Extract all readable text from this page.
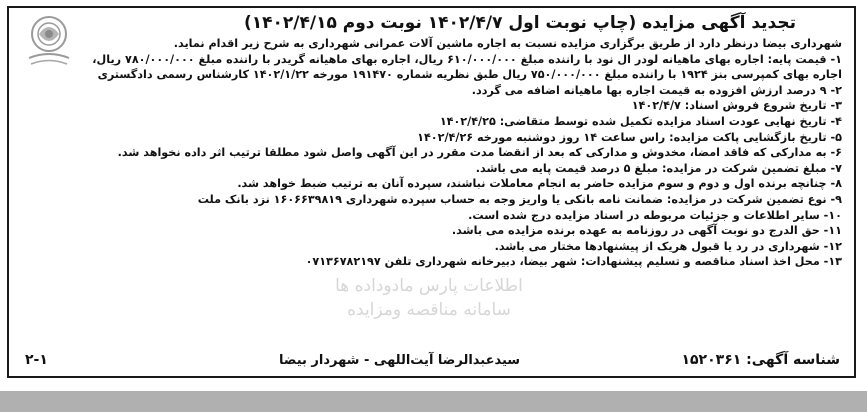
تجدید آگهی مزایده (چاپ نوبت اول ۱۴۰۲/۴/۷ نوبت دوم ۱۴۰۲/۴/۱۵)
شهرداری بیضا درنظر دارد از طریق برگزاری مزایده نسبت به اجاره ماشین آلات عمرانی شهرداری به شرح زیر اقدام نماید.
۱- قیمت پایه: اجاره بهای ماهیانه لودر ال نود با راننده مبلغ ۶۱۰/۰۰۰/۰۰۰ ریال، اجاره بهای ماهیانه گریدر با راننده مبلغ ۷۸۰/۰۰۰/۰۰۰ ریال، اجاره بهای کمپرسی بنز ۱۹۲۴ با راننده مبلغ ۷۵۰/۰۰۰/۰۰۰ ریال طبق نظریه شماره ۱۹۱۴۷۰ مورخه ۱۴۰۲/۱/۲۲ کارشناس رسمی دادگستری
۲- ۹ درصد ارزش افزوده به قیمت اجاره بها ماهیانه اضافه می گردد.
۳- تاریخ شروع فروش اسناد: ۱۴۰۲/۴/۷
۴- تاریخ نهایی عودت اسناد مزایده تکمیل شده توسط متقاضی: ۱۴۰۲/۴/۲۵
۵- تاریخ بازگشایی پاکت مزایده: راس ساعت ۱۴ روز دوشنبه مورخه ۱۴۰۲/۴/۲۶
۶- به مدارکی که فاقد امضا، مخدوش و مدارکی که بعد از انقضا مدت مقرر در این آگهی واصل شود مطلقا ترتیب اثر داده نخواهد شد.
۷- مبلغ تضمین شرکت در مزایده: مبلغ ۵ درصد قیمت پایه می باشد.
۸- چنانچه برنده اول و دوم و سوم مزایده حاضر به انجام معاملات نباشند، سپرده آنان به ترتیب ضبط خواهد شد.
۹- نوع تضمین شرکت در مزایده: ضمانت نامه بانکی یا واریز وجه به حساب سپرده شهرداری ۱۶۰۶۶۳۹۸۱۹ نزد بانک ملت
۱۰- سایر اطلاعات و جزئیات مربوطه در اسناد مزایده درج شده است.
۱۱- حق الدرج دو نوبت آگهی در روزنامه به عهده برنده مزایده می باشد.
۱۲- شهرداری در رد یا قبول هریک از پیشنهادها مختار می باشد.
۱۳- محل اخذ اسناد مناقصه و تسلیم پیشنهادات: شهر بیضا، دبیرخانه شهرداری تلفن ۰۷۱۳۶۷۸۲۱۹۷
اطلاعات پارس مادوداده ها
سامانه مناقصه ومزایده
۲-۱	سیدعبدالرضا آیت‌اللهی - شهردار بیضا	شناسه آگهی: ۱۵۲۰۳۶۱
